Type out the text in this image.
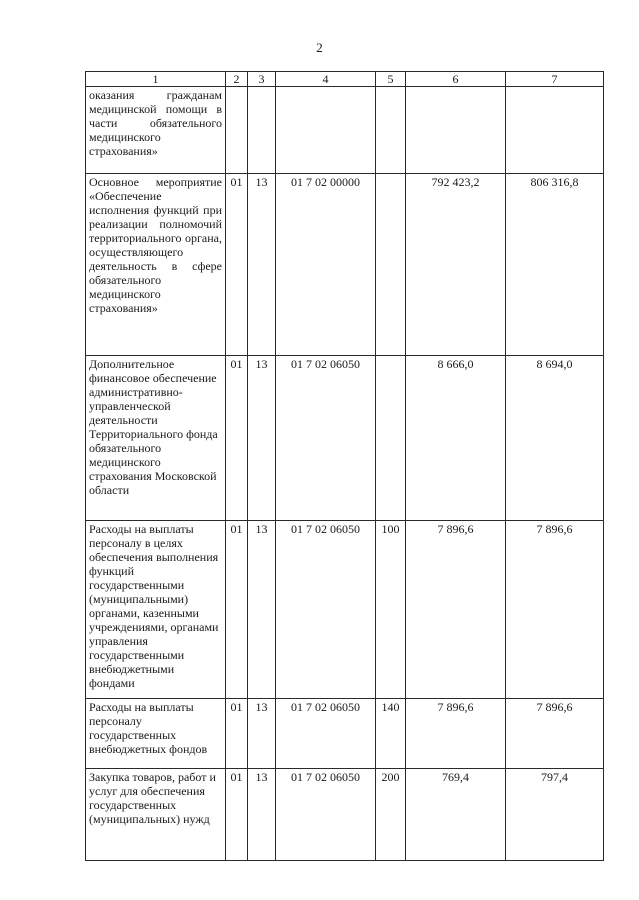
2
1	2	3	4	5	6	7
оказания гражданам медицинской помощи в части обязательного медицинского страхования»						
Основное мероприятие «Обеспечение исполнения функций при реализации полномочий территориального органа, осуществляющего деятельность в сфере обязательного медицинского страхования»	01	13	01 7 02 00000		792 423,2	806 316,8
Дополнительное финансовое обеспечение административно-управленческой деятельности Территориального фонда обязательного медицинского страхования Московской области	01	13	01 7 02 06050		8 666,0	8 694,0
Расходы на выплаты персоналу в целях обеспечения выполнения функций государственными (муниципальными) органами, казенными учреждениями, органами управления государственными внебюджетными фондами	01	13	01 7 02 06050	100	7 896,6	7 896,6
Расходы на выплаты персоналу государственных внебюджетных фондов	01	13	01 7 02 06050	140	7 896,6	7 896,6
Закупка товаров, работ и услуг для обеспечения государственных (муниципальных) нужд	01	13	01 7 02 06050	200	769,4	797,4
